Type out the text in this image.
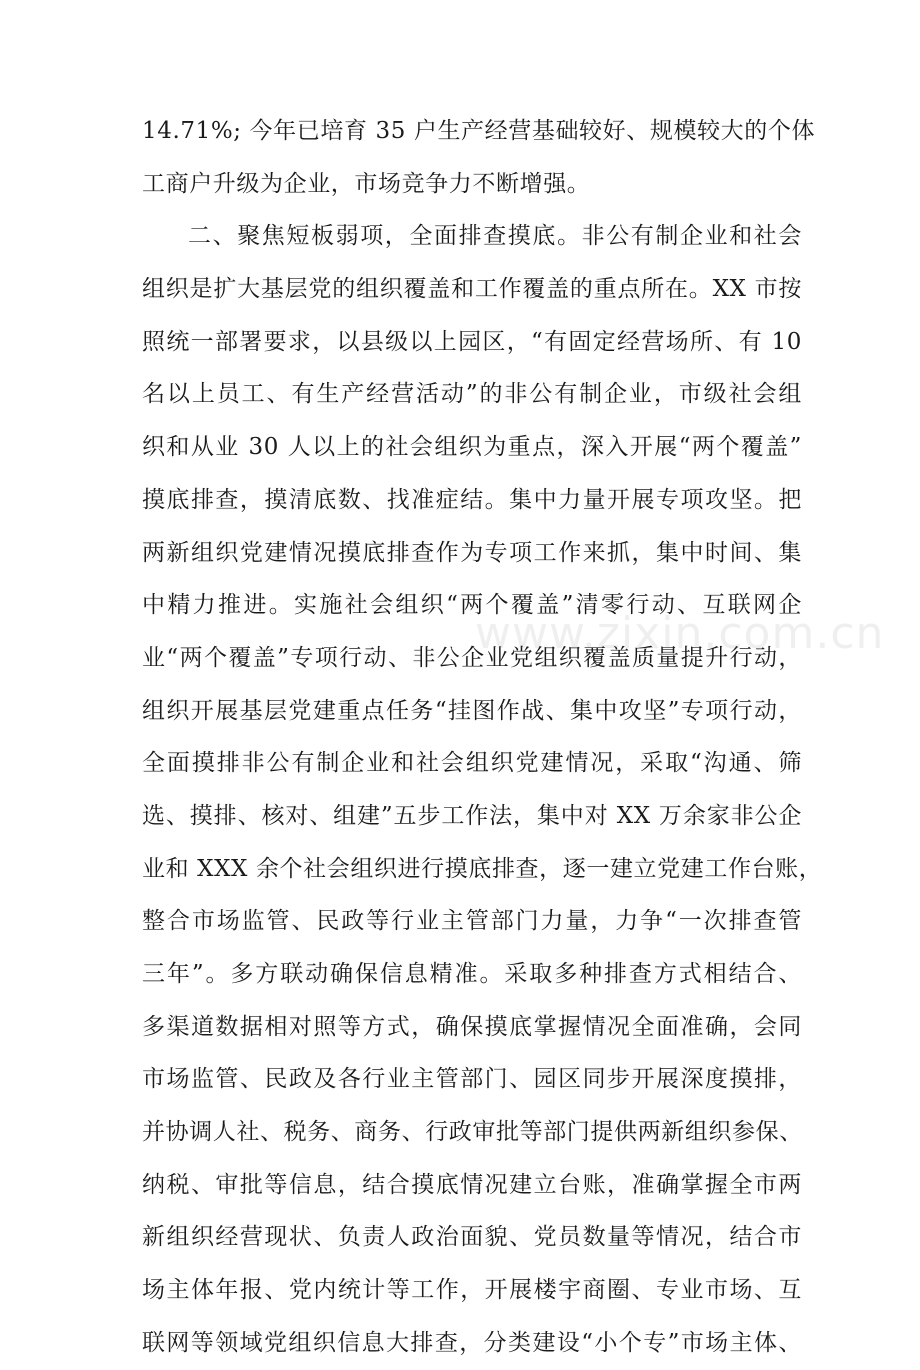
14.71%; 今年已培育 35 户生产经营基础较好、规模较大的个体
工商户升级为企业，市场竞争力不断增强。
二、聚焦短板弱项，全面排查摸底。非公有制企业和社会
组织是扩大基层党的组织覆盖和工作覆盖的重点所在。XX 市按
照统一部署要求，以县级以上园区，“有固定经营场所、有 10
名以上员工、有生产经营活动”的非公有制企业，市级社会组
织和从业 30 人以上的社会组织为重点，深入开展“两个覆盖”
摸底排查，摸清底数、找准症结。集中力量开展专项攻坚。把
两新组织党建情况摸底排查作为专项工作来抓，集中时间、集
中精力推进。实施社会组织“两个覆盖”清零行动、互联网企
业“两个覆盖”专项行动、非公企业党组织覆盖质量提升行动，
组织开展基层党建重点任务“挂图作战、集中攻坚”专项行动，
全面摸排非公有制企业和社会组织党建情况，采取“沟通、筛
选、摸排、核对、组建”五步工作法，集中对 XX 万余家非公企
业和 XXX 余个社会组织进行摸底排查，逐一建立党建工作台账，
整合市场监管、民政等行业主管部门力量，力争“一次排查管
三年”。多方联动确保信息精准。采取多种排查方式相结合、
多渠道数据相对照等方式，确保摸底掌握情况全面准确，会同
市场监管、民政及各行业主管部门、园区同步开展深度摸排，
并协调人社、税务、商务、行政审批等部门提供两新组织参保、
纳税、审批等信息，结合摸底情况建立台账，准确掌握全市两
新组织经营现状、负责人政治面貌、党员数量等情况，结合市
场主体年报、党内统计等工作，开展楼宇商圈、专业市场、互
联网等领域党组织信息大排查，分类建设“小个专”市场主体、
www.zixin.com.cn
